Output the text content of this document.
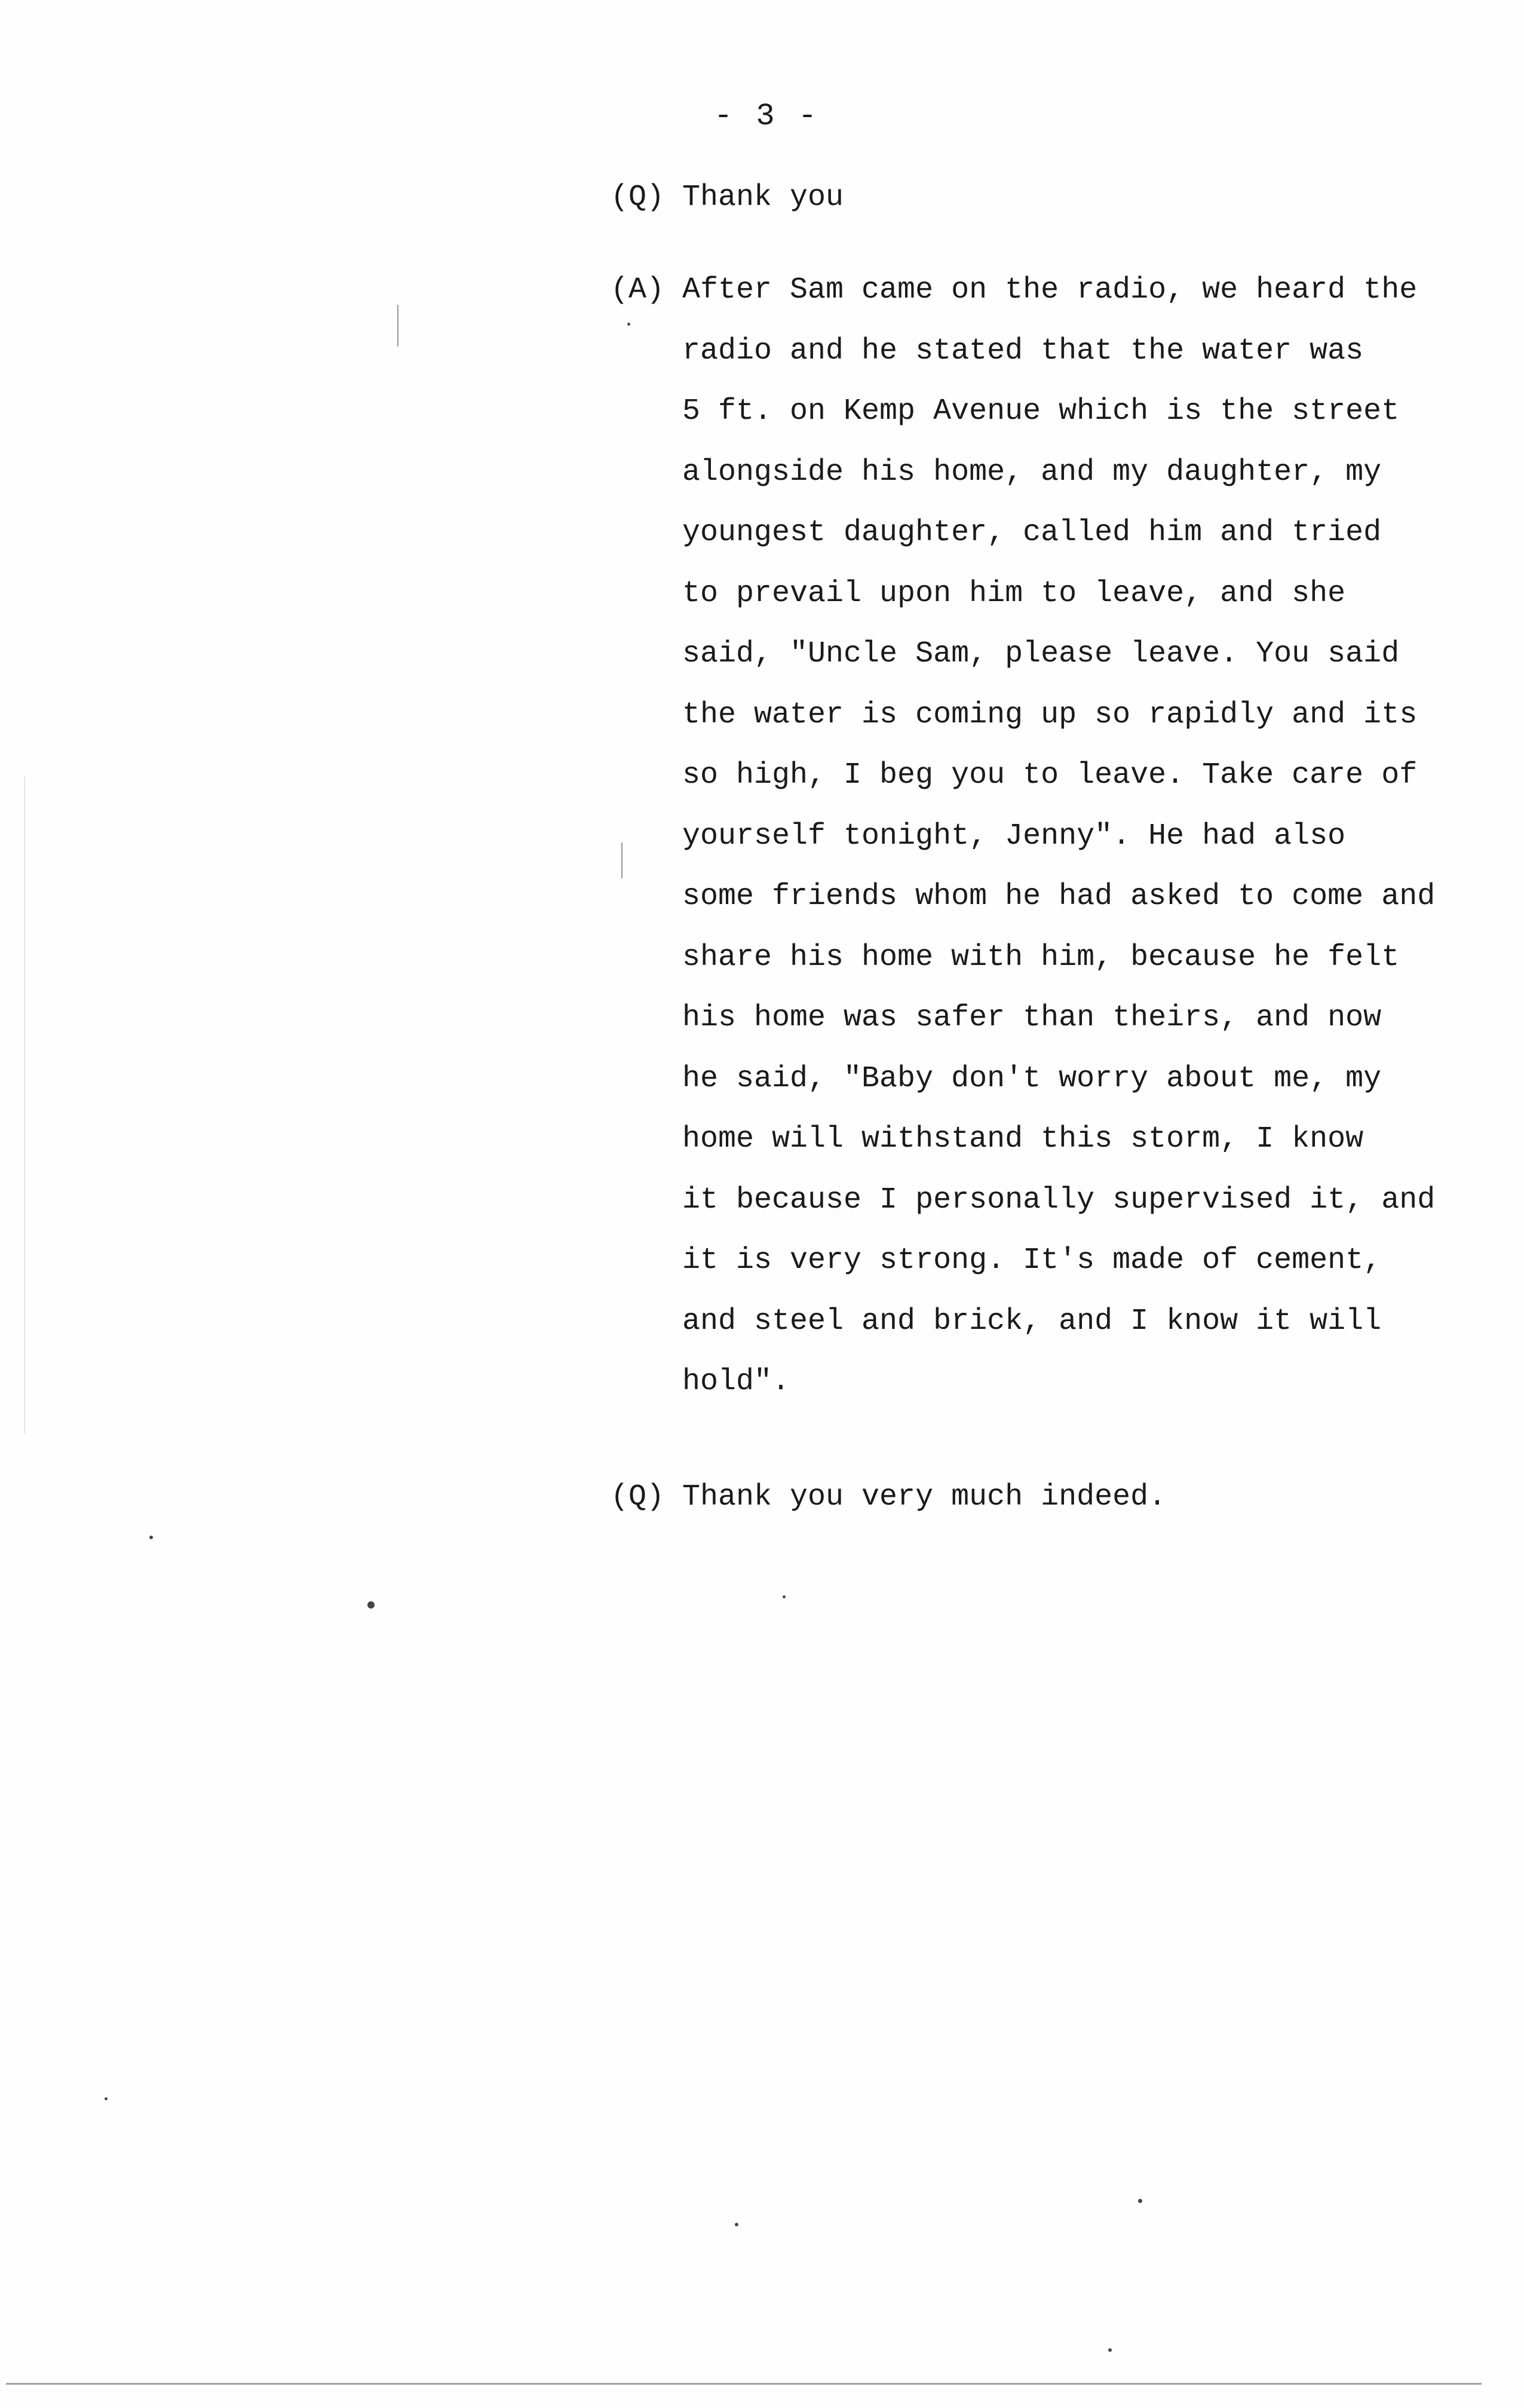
- 3 -
(Q) Thank you
(A) After Sam came on the radio, we heard the
radio and he stated that the water was
5 ft. on Kemp Avenue which is the street
alongside his home, and my daughter, my
youngest daughter, called him and tried
to prevail upon him to leave, and she
said, "Uncle Sam, please leave. You said
the water is coming up so rapidly and its
so high, I beg you to leave. Take care of
yourself tonight, Jenny". He had also
some friends whom he had asked to come and
share his home with him, because he felt
his home was safer than theirs, and now
he said, "Baby don't worry about me, my
home will withstand this storm, I know
it because I personally supervised it, and
it is very strong. It's made of cement,
and steel and brick, and I know it will
hold".
(Q) Thank you very much indeed.
